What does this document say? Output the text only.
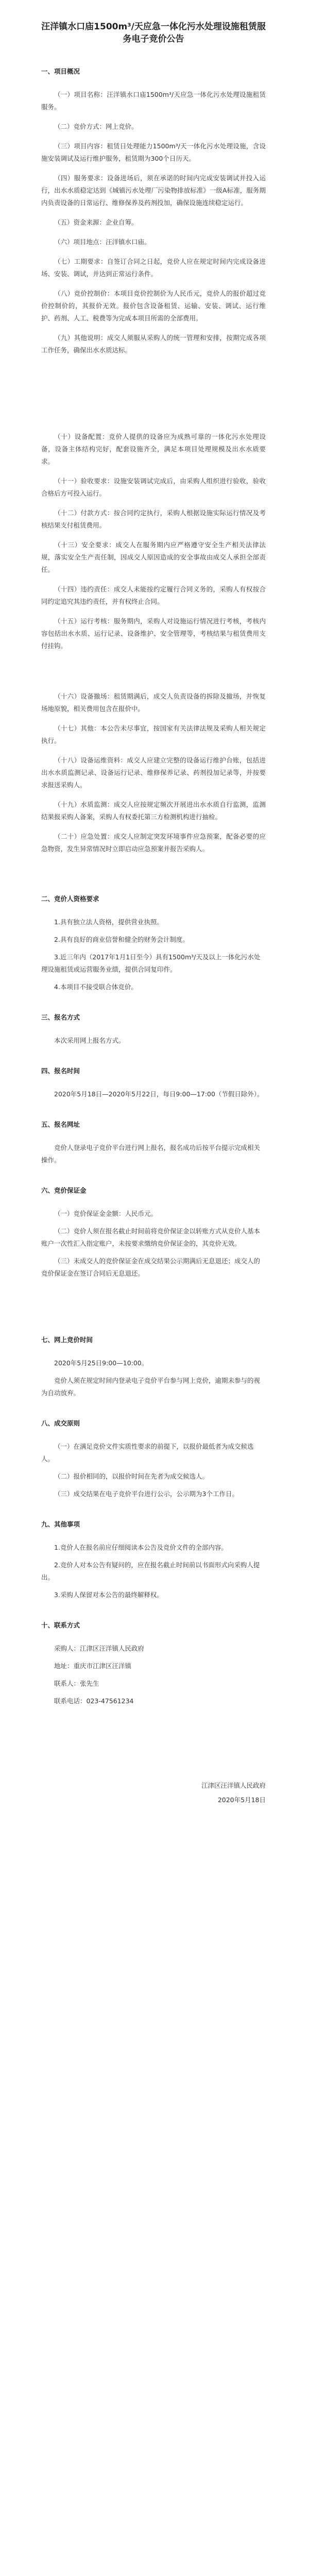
汪洋镇水口庙1500m³/天应急一体化污水处理设施租赁服务电子竞价公告
一、项目概况
（一）项目名称：汪洋镇水口庙1500m³/天应急一体化污水处理设施租赁服务。
（二）竞价方式：网上竞价。
（三）项目内容：租赁日处理能力1500m³/天一体化污水处理设施，含设施安装调试及运行维护服务，租赁期为300个日历天。
（四）服务要求：设备进场后，须在承诺的时间内完成安装调试并投入运行，出水水质稳定达到《城镇污水处理厂污染物排放标准》一级A标准，服务期内负责设备的日常运行、维修保养及药剂投加，确保设施连续稳定运行。
（五）资金来源：企业自筹。
（六）项目地点：汪洋镇水口庙。
（七）工期要求：自签订合同之日起，竞价人应在规定时间内完成设备进场、安装、调试，并达到正常运行条件。
（八）竞价控制价：本项目竞价控制价为人民币元，竞价人的报价超过竞价控制价的，其报价无效。报价包含设备租赁、运输、安装、调试、运行维护、药剂、人工、税费等为完成本项目所需的全部费用。
（九）其他说明：成交人须服从采购人的统一管理和安排，按期完成各项工作任务，确保出水水质达标。
（十）设备配置：竞价人提供的设备应为成熟可靠的一体化污水处理设备，设备主体结构完好，配套设施齐全，满足本项目处理规模及出水水质要求。
（十一）验收要求：设施安装调试完成后，由采购人组织进行验收，验收合格后方可投入运行。
（十二）付款方式：按合同约定执行，采购人根据设施实际运行情况及考核结果支付租赁费用。
（十三）安全要求：成交人在服务期内应严格遵守安全生产相关法律法规，落实安全生产责任制，因成交人原因造成的安全事故由成交人承担全部责任。
（十四）违约责任：成交人未能按约定履行合同义务的，采购人有权按合同约定追究其违约责任，并有权终止合同。
（十五）运行考核：服务期内，采购人对设施运行情况进行考核，考核内容包括出水水质、运行记录、设备维护、安全管理等，考核结果与租赁费用支付挂钩。
（十六）设备撤场：租赁期满后，成交人负责设备的拆除及撤场，并恢复场地原貌，相关费用包含在报价中。
（十七）其他：本公告未尽事宜，按国家有关法律法规及采购人相关规定执行。
（十八）设备运维资料：成交人应建立完整的设备运行维护台账，包括进出水水质监测记录、设备运行记录、维修保养记录、药剂投加记录等，并按要求报送采购人。
（十九）水质监测：成交人应按规定频次开展进出水水质自行监测，监测结果报采购人备案，采购人有权委托第三方检测机构进行抽检。
（二十）应急处置：成交人应制定突发环境事件应急预案，配备必要的应急物资，发生异常情况时立即启动应急预案并报告采购人。
二、竞价人资格要求
1.具有独立法人资格，提供营业执照。
2.具有良好的商业信誉和健全的财务会计制度。
3.近三年内（2017年1月1日至今）具有1500m³/天及以上一体化污水处理设施租赁或运营服务业绩，提供合同复印件。
4.本项目不接受联合体竞价。
三、报名方式
本次采用网上报名方式。
四、报名时间
2020年5月18日—2020年5月22日，每日9:00—17:00（节假日除外）。
五、报名网址
竞价人登录电子竞价平台进行网上报名，报名成功后按平台提示完成相关操作。
六、竞价保证金
（一）竞价保证金金额：人民币元。
（二）竞价人须在报名截止时间前将竞价保证金以转账方式从竞价人基本账户一次性汇入指定账户，未按要求缴纳竞价保证金的，其竞价无效。
（三）未成交人的竞价保证金在成交结果公示期满后无息退还；成交人的竞价保证金在签订合同后无息退还。
七、网上竞价时间
2020年5月25日9:00—10:00。
竞价人须在规定时间内登录电子竞价平台参与网上竞价，逾期未参与的视为自动放弃。
八、成交原则
（一）在满足竞价文件实质性要求的前提下，以报价最低者为成交候选人。
（二）报价相同的，以报价时间在先者为成交候选人。
（三）成交结果在电子竞价平台进行公示，公示期为3个工作日。
九、其他事项
1.竞价人在报名前应仔细阅读本公告及竞价文件的全部内容。
2.竞价人对本公告有疑问的，应在报名截止时间前以书面形式向采购人提出。
3.采购人保留对本公告的最终解释权。
十、联系方式
采购人：江津区汪洋镇人民政府
地址：重庆市江津区汪洋镇
联系人：张先生
联系电话：023-47561234
江津区汪洋镇人民政府
2020年5月18日
